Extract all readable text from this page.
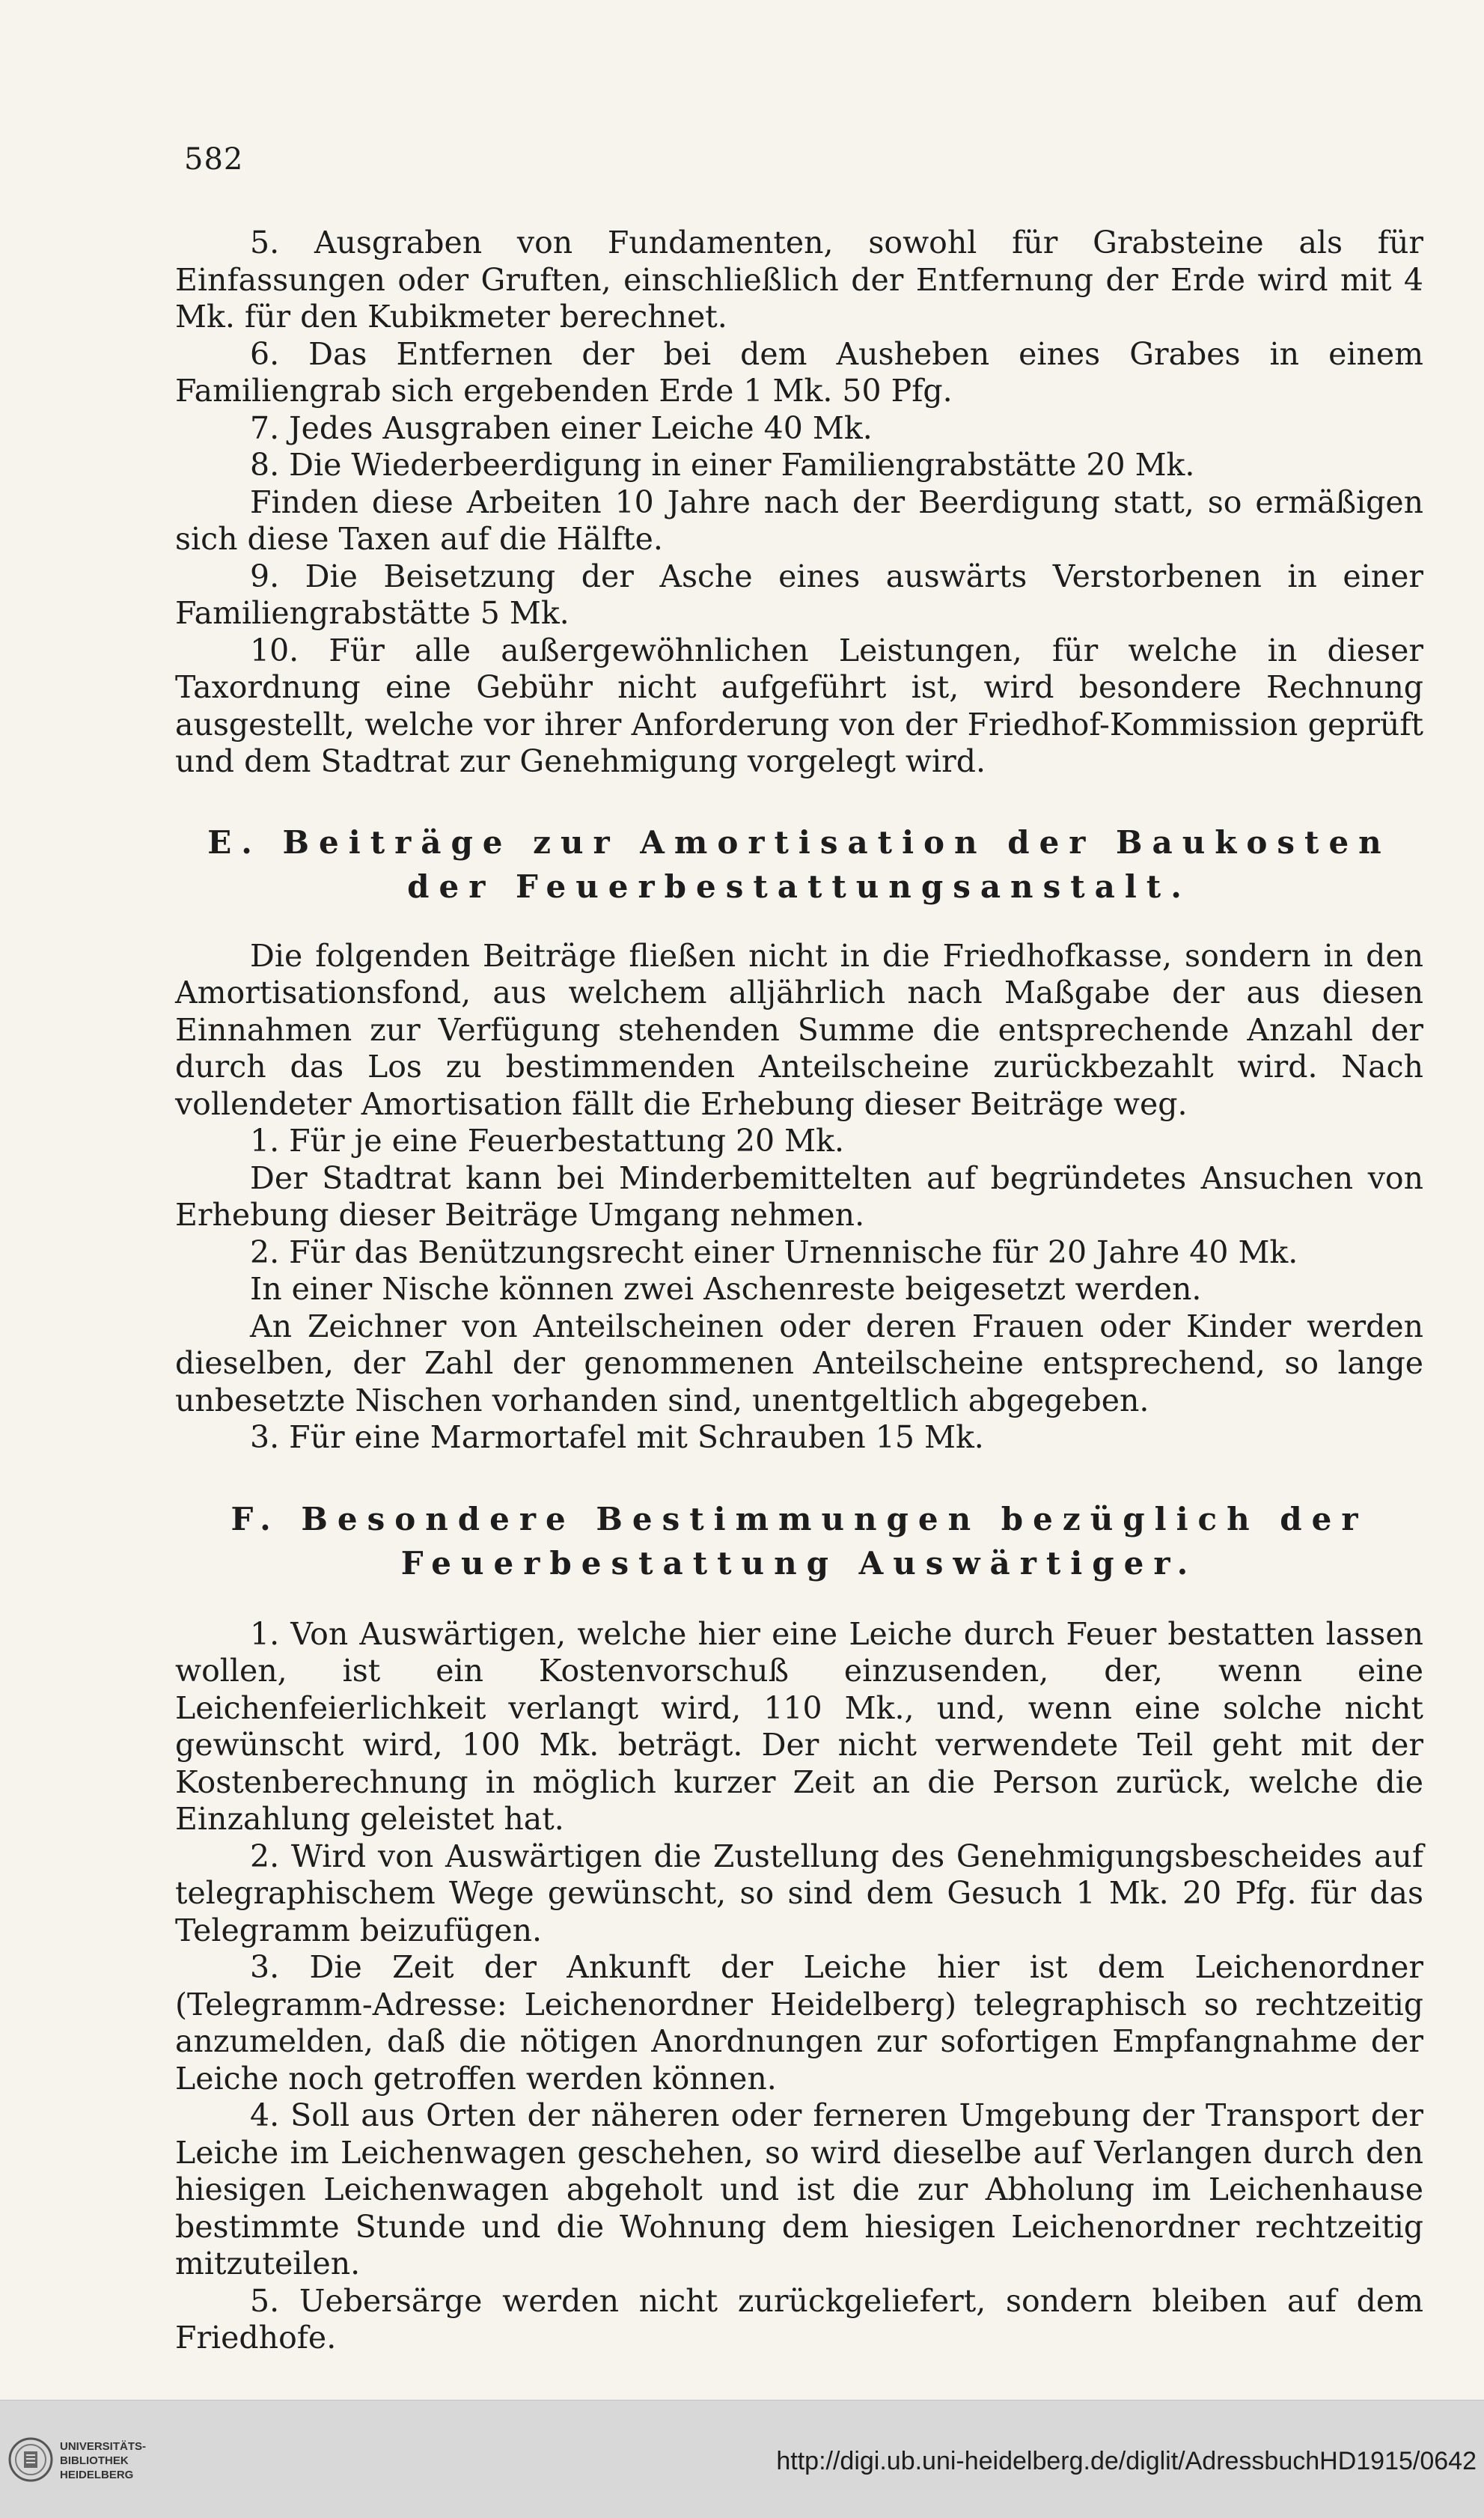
582

5. Ausgraben von Fundamenten, sowohl für Grabsteine als für Einfassungen oder Gruften, einschließlich der Entfernung der Erde wird mit 4 Mk. für den Kubikmeter berechnet.

6. Das Entfernen der bei dem Ausheben eines Grabes in einem Familiengrab sich ergebenden Erde 1 Mk. 50 Pfg.

7. Jedes Ausgraben einer Leiche 40 Mk.

8. Die Wiederbeerdigung in einer Familiengrabstätte 20 Mk.

Finden diese Arbeiten 10 Jahre nach der Beerdigung statt, so ermäßigen sich diese Taxen auf die Hälfte.

9. Die Beisetzung der Asche eines auswärts Verstorbenen in einer Familiengrabstätte 5 Mk.

10. Für alle außergewöhnlichen Leistungen, für welche in dieser Taxordnung eine Gebühr nicht aufgeführt ist, wird besondere Rechnung ausgestellt, welche vor ihrer Anforderung von der Friedhof-Kommission geprüft und dem Stadtrat zur Genehmigung vorgelegt wird.

E. Beiträge zur Amortisation der Baukosten der Feuerbestattungsanstalt.

Die folgenden Beiträge fließen nicht in die Friedhofkasse, sondern in den Amortisationsfond, aus welchem alljährlich nach Maßgabe der aus diesen Einnahmen zur Verfügung stehenden Summe die entsprechende Anzahl der durch das Los zu bestimmenden Anteilscheine zurückbezahlt wird. Nach vollendeter Amortisation fällt die Erhebung dieser Beiträge weg.

1. Für je eine Feuerbestattung 20 Mk.

Der Stadtrat kann bei Minderbemittelten auf begründetes Ansuchen von Erhebung dieser Beiträge Umgang nehmen.

2. Für das Benützungsrecht einer Urnennische für 20 Jahre 40 Mk.

In einer Nische können zwei Aschenreste beigesetzt werden.

An Zeichner von Anteilscheinen oder deren Frauen oder Kinder werden dieselben, der Zahl der genommenen Anteilscheine entsprechend, so lange unbesetzte Nischen vorhanden sind, unentgeltlich abgegeben.

3. Für eine Marmortafel mit Schrauben 15 Mk.

F. Besondere Bestimmungen bezüglich der Feuerbestattung Auswärtiger.

1. Von Auswärtigen, welche hier eine Leiche durch Feuer bestatten lassen wollen, ist ein Kostenvorschuß einzusenden, der, wenn eine Leichenfeierlichkeit verlangt wird, 110 Mk., und, wenn eine solche nicht gewünscht wird, 100 Mk. beträgt. Der nicht verwendete Teil geht mit der Kostenberechnung in möglich kurzer Zeit an die Person zurück, welche die Einzahlung geleistet hat.

2. Wird von Auswärtigen die Zustellung des Genehmigungsbescheides auf telegraphischem Wege gewünscht, so sind dem Gesuch 1 Mk. 20 Pfg. für das Telegramm beizufügen.

3. Die Zeit der Ankunft der Leiche hier ist dem Leichenordner (Telegramm-Adresse: Leichenordner Heidelberg) telegraphisch so rechtzeitig anzumelden, daß die nötigen Anordnungen zur sofortigen Empfangnahme der Leiche noch getroffen werden können.

4. Soll aus Orten der näheren oder ferneren Umgebung der Transport der Leiche im Leichenwagen geschehen, so wird dieselbe auf Verlangen durch den hiesigen Leichenwagen abgeholt und ist die zur Abholung im Leichenhause bestimmte Stunde und die Wohnung dem hiesigen Leichenordner rechtzeitig mitzuteilen.

5. Uebersärge werden nicht zurückgeliefert, sondern bleiben auf dem Friedhofe.

UNIVERSITÄTS-
BIBLIOTHEK
HEIDELBERG	http://digi.ub.uni-heidelberg.de/diglit/AdressbuchHD1915/0642
